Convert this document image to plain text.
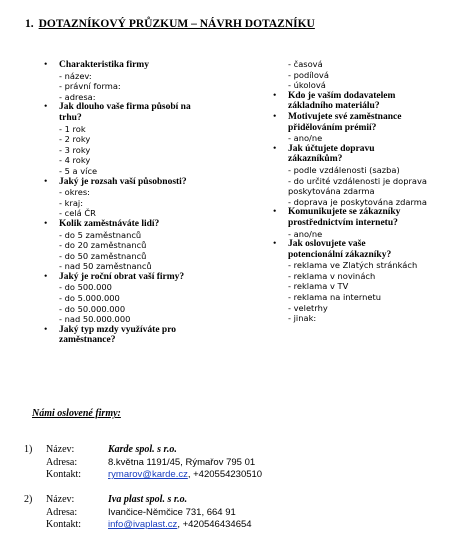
1. DOTAZNÍKOVÝ PRŮZKUM – NÁVRH DOTAZNÍKU
• Charakteristika firmy
- název:
- právní forma:
- adresa:
• Jak dlouho vaše firma působí na
trhu?
- 1 rok
- 2 roky
- 3 roky
- 4 roky
- 5 a více
• Jaký je rozsah vaší působnosti?
- okres:
- kraj:
- celá ČR
• Kolik zaměstnáváte lidí?
- do 5 zaměstnanců
- do 20 zaměstnanců
- do 50 zaměstnanců
- nad 50 zaměstnanců
• Jaký je roční obrat vaší firmy?
- do 500.000
- do 5.000.000
- do 50.000.000
- nad 50.000.000
• Jaký typ mzdy využíváte pro
zaměstnance?
- časová
- podílová
- úkolová
• Kdo je vaším dodavatelem
základního materiálu?
• Motivujete své zaměstnance
přidělováním prémií?
- ano/ne
• Jak účtujete dopravu
zákazníkům?
- podle vzdálenosti (sazba)
- do určité vzdálenosti je doprava
poskytována zdarma
- doprava je poskytována zdarma
• Komunikujete se zákazníky
prostřednictvím internetu?
- ano/ne
• Jak oslovujete vaše
potencionální zákazníky?
- reklama ve Zlatých stránkách
- reklama v novinách
- reklama v TV
- reklama na internetu
- veletrhy
- jinak:
Námi oslovené firmy:
1)	Název:	Karde spol. s r.o.
Adresa:	8.května 1191/45, Rýmařov 795 01
Kontakt:	rymarov@karde.cz, +420554230510
2)	Název:	Iva plast spol. s r.o.
Adresa:	Ivančice-Němčice 731, 664 91
Kontakt:	info@ivaplast.cz, +420546434654
